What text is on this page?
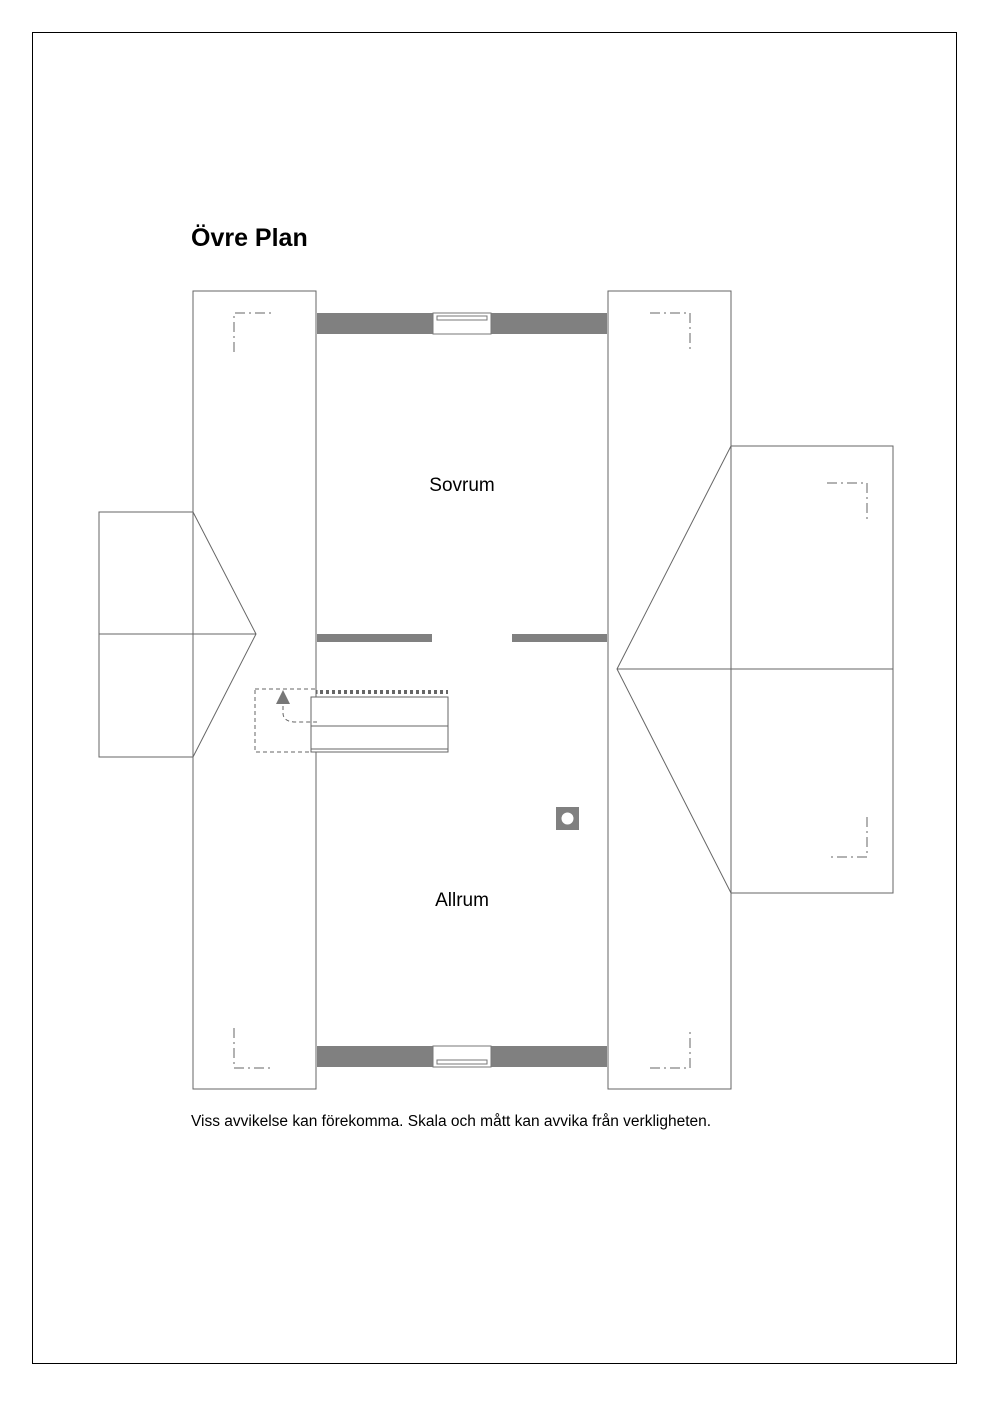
Övre Plan
Sovrum
Allrum
Viss avvikelse kan förekomma. Skala och mått kan avvika från verkligheten.
